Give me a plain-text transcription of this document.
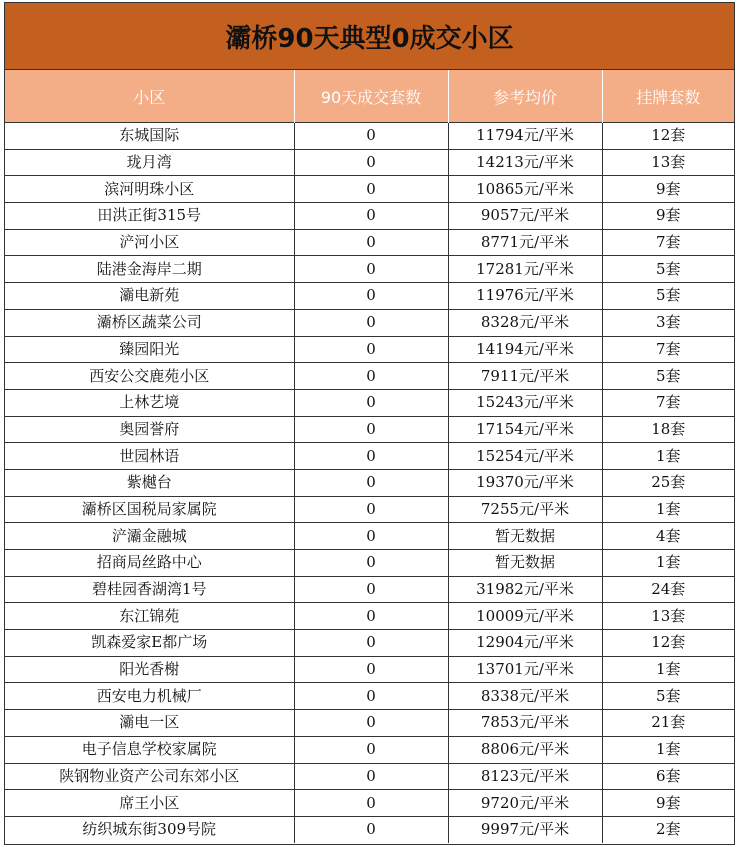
灞桥90天典型0成交小区
小区	90天成交套数	参考均价	挂牌套数
东城国际	0	11794元/平米	12套
珑月湾	0	14213元/平米	13套
滨河明珠小区	0	10865元/平米	9套
田洪正街315号	0	9057元/平米	9套
浐河小区	0	8771元/平米	7套
陆港金海岸二期	0	17281元/平米	5套
灞电新苑	0	11976元/平米	5套
灞桥区蔬菜公司	0	8328元/平米	3套
臻园阳光	0	14194元/平米	7套
西安公交鹿苑小区	0	7911元/平米	5套
上林艺境	0	15243元/平米	7套
奥园誉府	0	17154元/平米	18套
世园林语	0	15254元/平米	1套
紫樾台	0	19370元/平米	25套
灞桥区国税局家属院	0	7255元/平米	1套
浐灞金融城	0	暂无数据	4套
招商局丝路中心	0	暂无数据	1套
碧桂园香湖湾1号	0	31982元/平米	24套
东江锦苑	0	10009元/平米	13套
凯森爱家E都广场	0	12904元/平米	12套
阳光香榭	0	13701元/平米	1套
西安电力机械厂	0	8338元/平米	5套
灞电一区	0	7853元/平米	21套
电子信息学校家属院	0	8806元/平米	1套
陕钢物业资产公司东郊小区	0	8123元/平米	6套
席王小区	0	9720元/平米	9套
纺织城东街309号院	0	9997元/平米	2套
